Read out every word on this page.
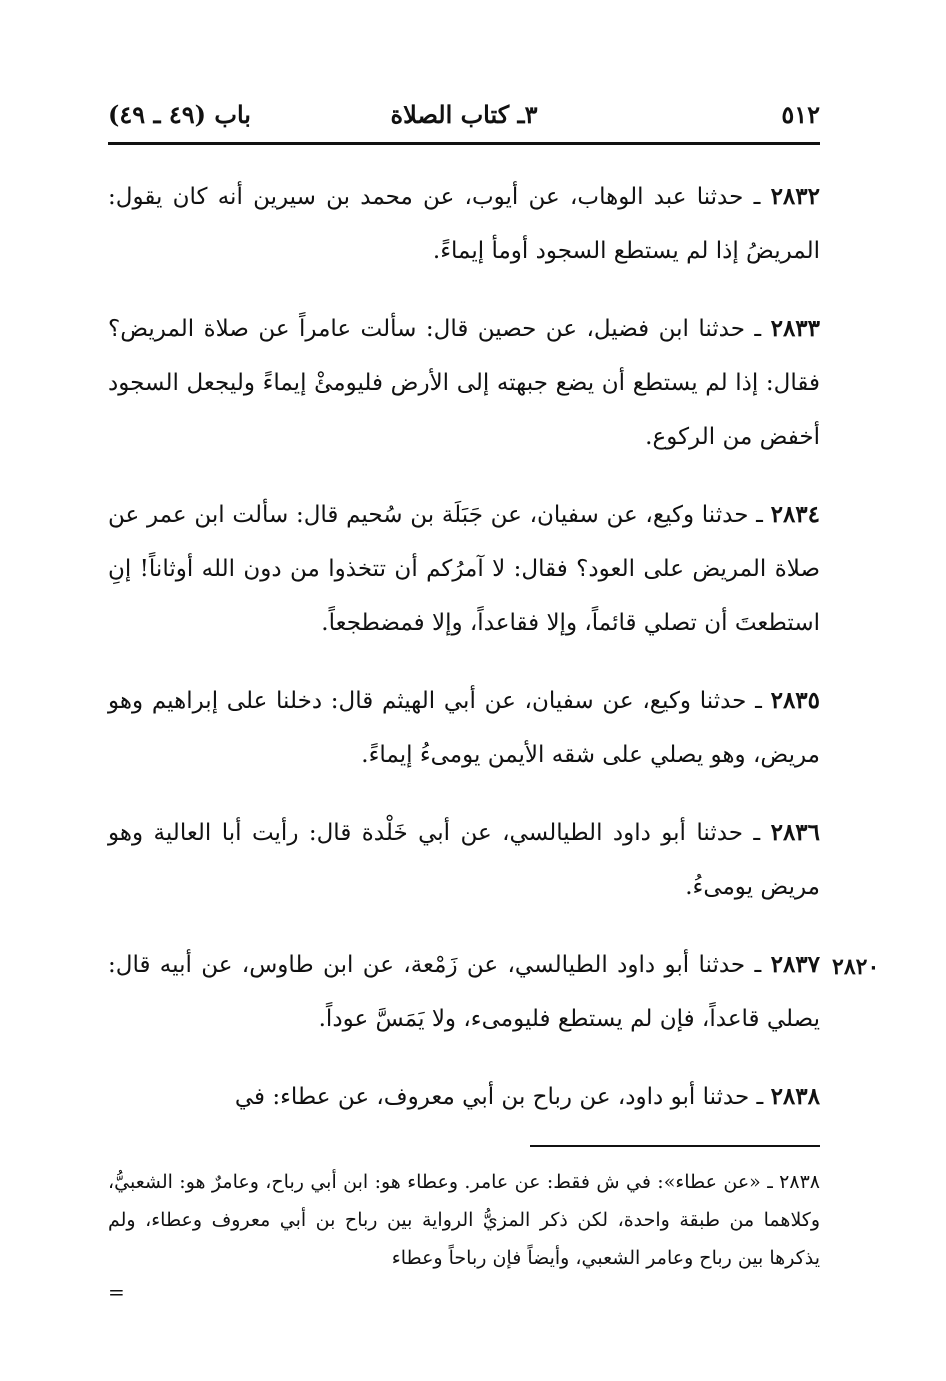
٥١٢
٣ـ كتاب الصلاة
باب (٤٩ ـ ٤٩)

٢٨٣٢ ـ حدثنا عبد الوهاب، عن أيوب، عن محمد بن سيرين أنه كان يقول: المريضُ إذا لم يستطع السجود أومأ إيماءً.

٢٨٣٣ ـ حدثنا ابن فضيل، عن حصين قال: سألت عامراً عن صلاة المريض؟ فقال: إذا لم يستطع أن يضع جبهته إلى الأرض فليومئْ إيماءً وليجعل السجود أخفض من الركوع.

٢٨٣٤ ـ حدثنا وكيع، عن سفيان، عن جَبَلَة بن سُحيم قال: سألت ابن عمر عن صلاة المريض على العود؟ فقال: لا آمرُكم أن تتخذوا من دون الله أوثاناً! إنِ استطعتَ أن تصلي قائماً، وإلا فقاعداً، وإلا فمضطجعاً.

٢٨٣٥ ـ حدثنا وكيع، عن سفيان، عن أبي الهيثم قال: دخلنا على إبراهيم وهو مريض، وهو يصلي على شقه الأيمن يومىءُ إيماءً.

٢٨٣٦ ـ حدثنا أبو داود الطيالسي، عن أبي خَلْدة قال: رأيت أبا العالية وهو مريض يومىءُ.

٢٨٣٧ ـ حدثنا أبو داود الطيالسي، عن زَمْعة، عن ابن طاوس، عن أبيه قال: يصلي قاعداً، فإن لم يستطع فليومىء، ولا يَمَسَّ عوداً.

٢٨٣٨ ـ حدثنا أبو داود، عن رباح بن أبي معروف، عن عطاء: في

٢٨٢٠

٢٨٣٨ ـ «عن عطاء»: في ش فقط: عن عامر. وعطاء هو: ابن أبي رباح، وعامرٌ هو: الشعبيُّ، وكلاهما من طبقة واحدة، لكن ذكر المزيُّ الرواية بين رباح بن أبي معروف وعطاء، ولم يذكرها بين رباح وعامر الشعبي، وأيضاً فإن رباحاً وعطاء

=
